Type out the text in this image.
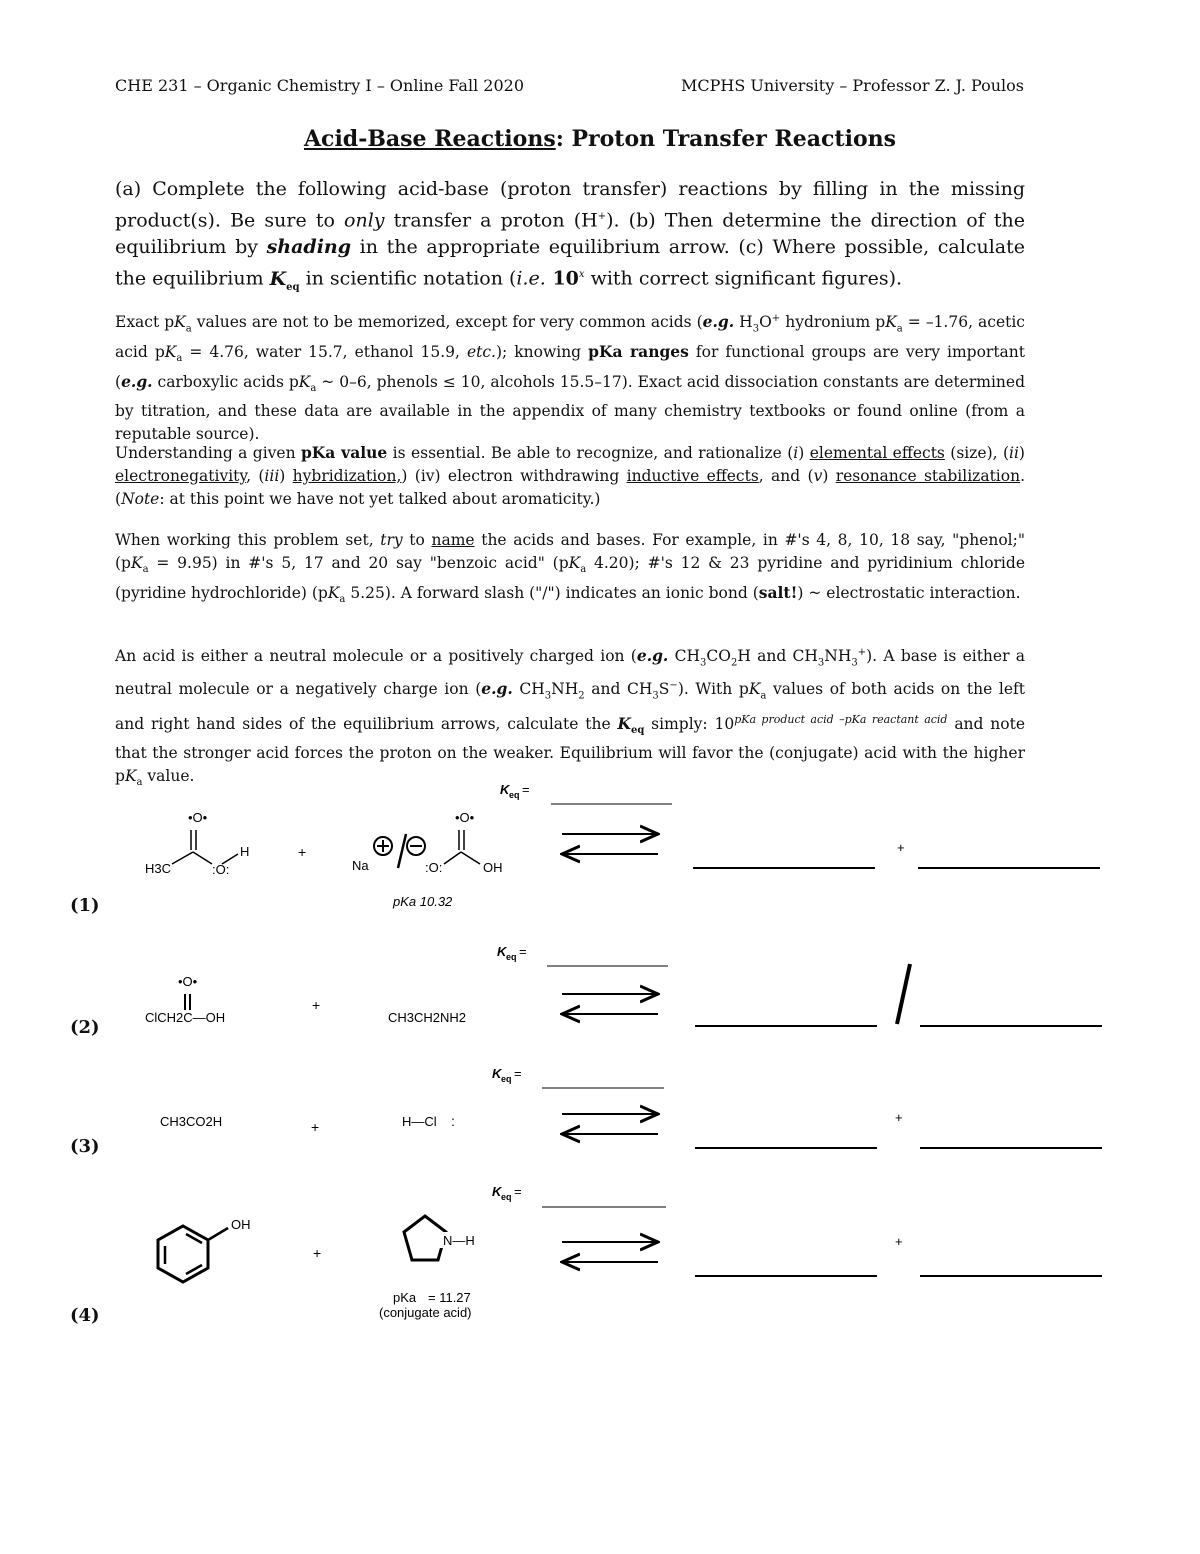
CHE 231 – Organic Chemistry I – Online Fall 2020	MCPHS University – Professor Z. J. Poulos
Acid-Base Reactions: Proton Transfer Reactions
(a) Complete the following acid-base (proton transfer) reactions by filling in the missing product(s). Be sure to only transfer a proton (H+). (b) Then determine the direction of the equilibrium by shading in the appropriate equilibrium arrow. (c) Where possible, calculate the equilibrium $K_{eq}$ in scientific notation (i.e. 10$^x$ with correct significant figures).
Exact $pK_a$ values are not to be memorized, except for very common acids (e.g. $H_3O^+$ hydronium $pK_a = -1.76$, acetic acid $pK_a = 4.76$, water 15.7, ethanol 15.9, etc.); knowing pKa ranges for functional groups are very important (e.g. carboxylic acids $pK_a$ ~ 0–6, phenols ≤ 10, alcohols 15.5–17). Exact acid dissociation constants are determined by titration, and these data are available in the appendix of many chemistry textbooks or found online (from a reputable source).
Understanding a given pKa value is essential. Be able to recognize, and rationalize (i) elemental effects (size), (ii) electronegativity, (iii) hybridization,) (iv) electron withdrawing inductive effects, and (v) resonance stabilization. (Note: at this point we have not yet talked about aromaticity.)
When working this problem set, try to name the acids and bases. For example, in #'s 4, 8, 10, 18 say, "phenol;" $(pK_a = 9.95)$ in #'s 5, 17 and 20 say "benzoic acid" ($pK_a$ 4.20); #'s 12 & 23 pyridine and pyridinium chloride (pyridine hydrochloride) ($pK_a$ 5.25). A forward slash ("/") indicates an ionic bond (salt!) ~ electrostatic interaction.
An acid is either a neutral molecule or a positively charged ion (e.g. $CH_3CO_2H$ and $CH_3NH_3^+$). A base is either a neutral molecule or a negatively charge ion (e.g. $CH_3NH_2$ and $CH_3S^-$). With $pK_a$ values of both acids on the left and right hand sides of the equilibrium arrows, calculate the $K_{eq}$ simply: $10^{pKa product acid -pKa reactant acid}$ and note that the stronger acid forces the proton on the weaker. Equilibrium will favor the (conjugate) acid with the higher $pK_a$ value.
(1)
(2)
(3)
(4)
K eq =
•O•
H3C	:O:
H	+
Na
•O•
:O:	OH
pKa 10.32
+
K eq =
•O•
ClCH2C—OH
+
CH3CH2NH2
K eq =
CH3CO2H	+	H—Cl :	+
K eq =
OH
+
N—H
pKa = 11.27
(conjugate acid)
+
